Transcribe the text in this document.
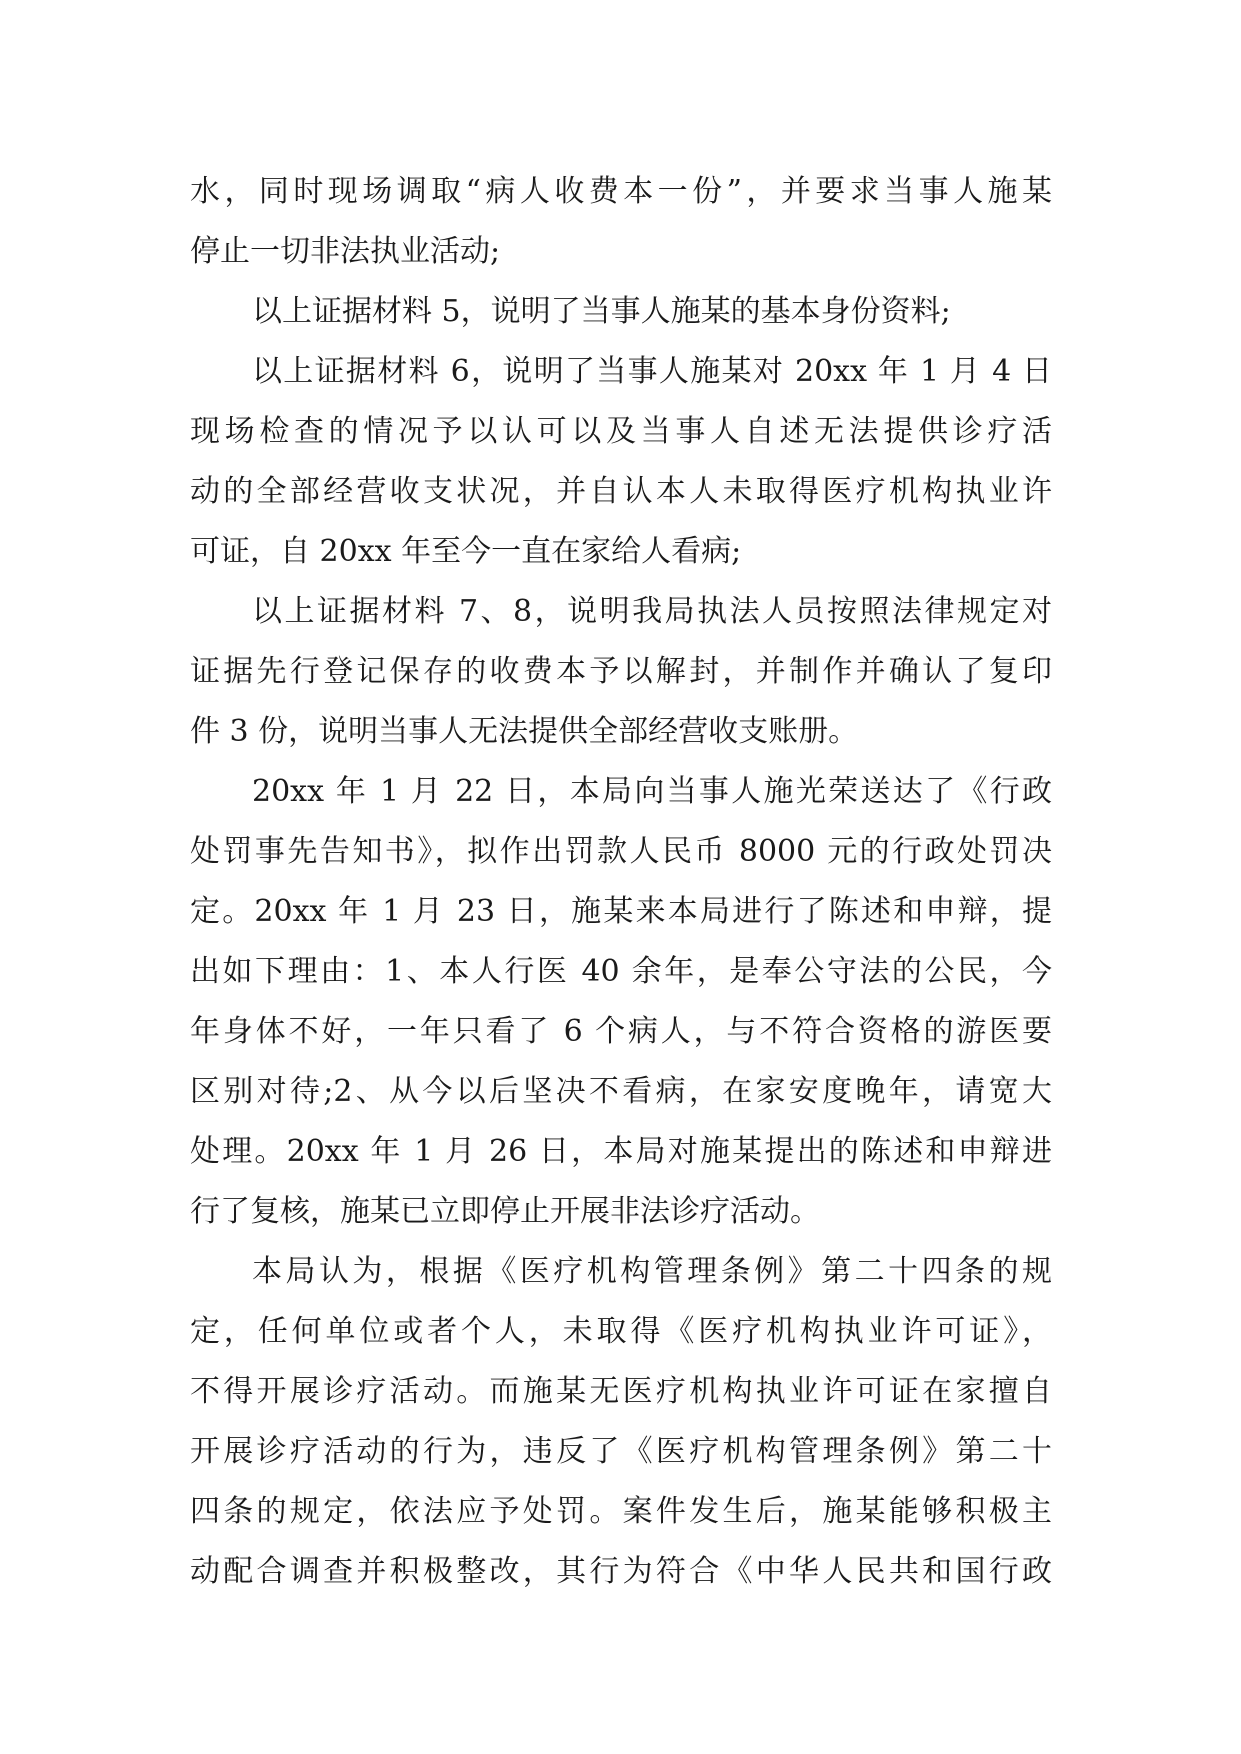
水，同时现场调取“病人收费本一份”，并要求当事人施某
停止一切非法执业活动;
以上证据材料 5，说明了当事人施某的基本身份资料;
以上证据材料 6，说明了当事人施某对 20xx 年 1 月 4 日
现场检查的情况予以认可以及当事人自述无法提供诊疗活
动的全部经营收支状况，并自认本人未取得医疗机构执业许
可证，自 20xx 年至今一直在家给人看病;
以上证据材料 7、8，说明我局执法人员按照法律规定对
证据先行登记保存的收费本予以解封，并制作并确认了复印
件 3 份，说明当事人无法提供全部经营收支账册。
20xx 年 1 月 22 日，本局向当事人施光荣送达了《行政
处罚事先告知书》，拟作出罚款人民币 8000 元的行政处罚决
定。20xx 年 1 月 23 日，施某来本局进行了陈述和申辩，提
出如下理由：1、本人行医 40 余年，是奉公守法的公民，今
年身体不好，一年只看了 6 个病人，与不符合资格的游医要
区别对待;2、从今以后坚决不看病，在家安度晚年，请宽大
处理。20xx 年 1 月 26 日，本局对施某提出的陈述和申辩进
行了复核，施某已立即停止开展非法诊疗活动。
本局认为，根据《医疗机构管理条例》第二十四条的规
定，任何单位或者个人，未取得《医疗机构执业许可证》，
不得开展诊疗活动。而施某无医疗机构执业许可证在家擅自
开展诊疗活动的行为，违反了《医疗机构管理条例》第二十
四条的规定，依法应予处罚。案件发生后，施某能够积极主
动配合调查并积极整改，其行为符合《中华人民共和国行政
